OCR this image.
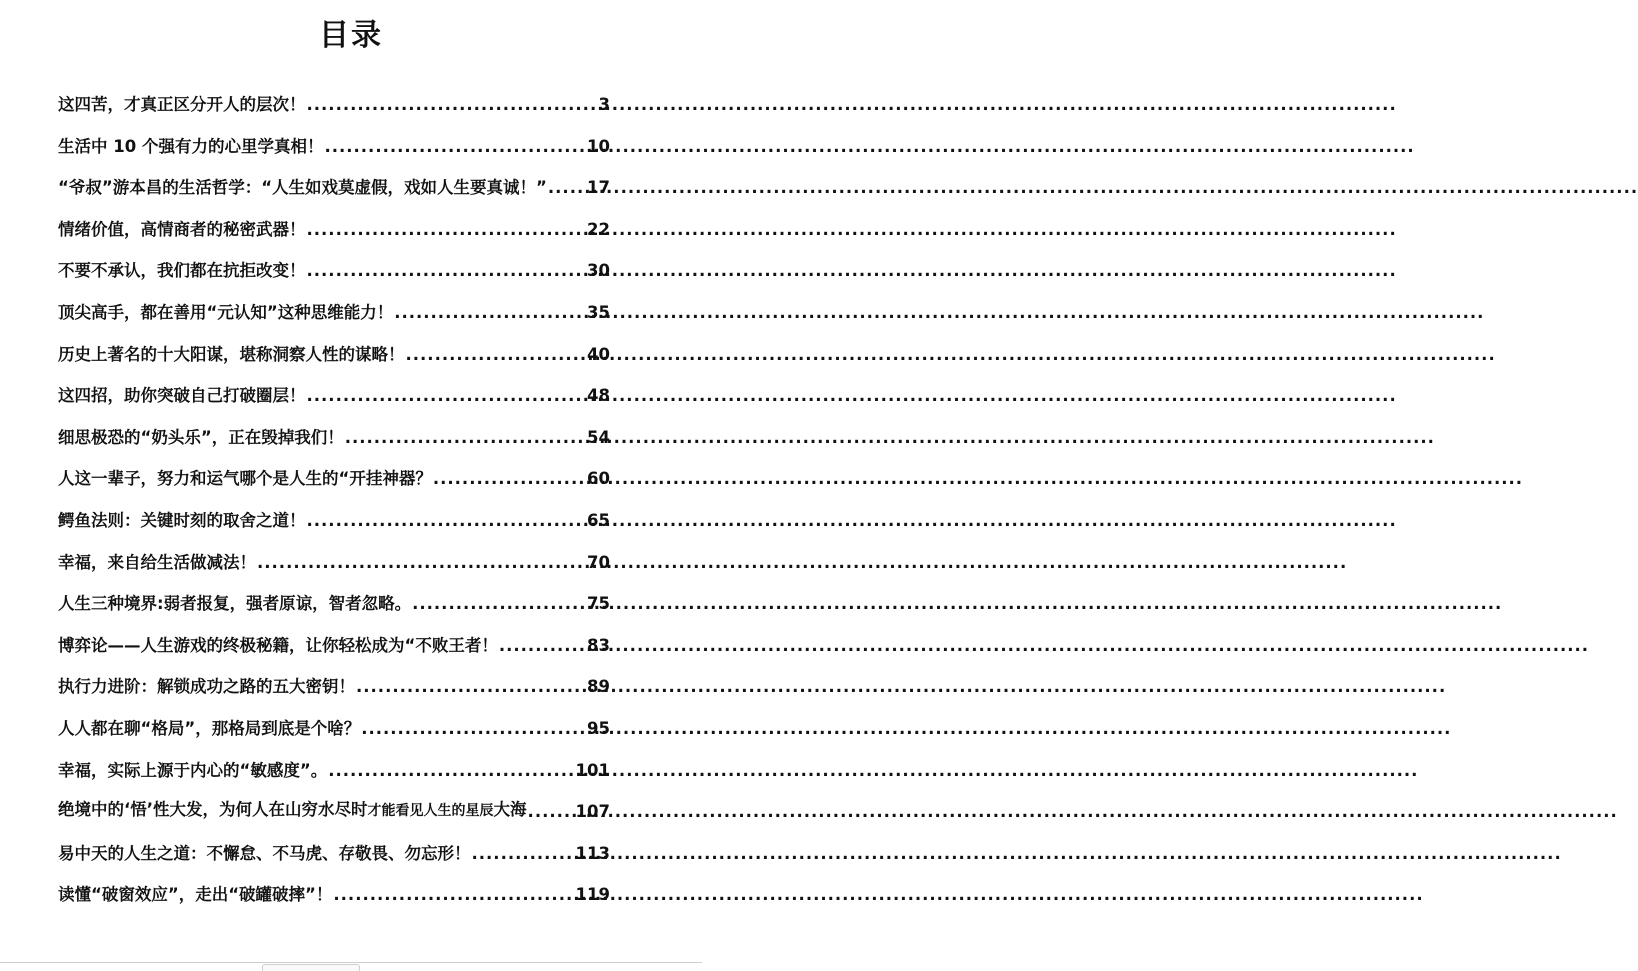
目录
这四苦，才真正区分开人的层次！ .....	3
生活中 10 个强有力的心里学真相！ .....	10
“爷叔”游本昌的生活哲学：“人生如戏莫虚假，戏如人生要真诚！” ..... 17
情绪价值，高情商者的秘密武器！ .....	22
不要不承认，我们都在抗拒改变！ .....	30
顶尖高手，都在善用“元认知”这种思维能力！ .....	35
历史上著名的十大阳谋，堪称洞察人性的谋略！ .....	40
这四招，助你突破自己打破圈层！ .....	48
细思极恐的“奶头乐”，正在毁掉我们！ .....	54
人这一辈子，努力和运气哪个是人生的“开挂神器？ .....	60
鳄鱼法则：关键时刻的取舍之道！ .....	65
幸福，来自给生活做减法！ .....	70
人生三种境界:弱者报复，强者原谅，智者忽略。 .....	75
博弈论——人生游戏的终极秘籍，让你轻松成为“不败王者！ .....	83
执行力进阶：解锁成功之路的五大密钥！ .....	89
人人都在聊“格局”，那格局到底是个啥？ .....	95
幸福，实际上源于内心的“敏感度”。 .....	101
绝境中的‘悟’性大发，为何人在山穷水尽时才能看见人生的星辰大海 .....	107
易中天的人生之道：不懈怠、不马虎、存敬畏、勿忘形！ .....	113
读懂“破窗效应”，走出“破罐破摔”！ .....	119
